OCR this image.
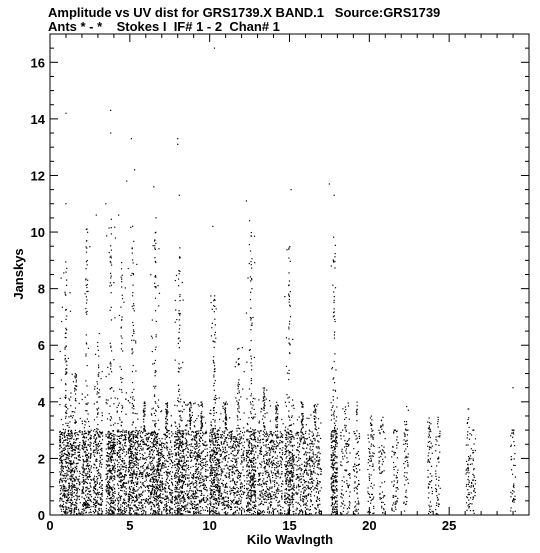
Amplitude vs UV dist for GRS1739.X BAND.1   Source:GRS1739
Ants * - *    Stokes I  IF# 1 - 2  Chan# 1
0	5	10	15	20	25
0
2
4
6
8
10
12
14
16
Kilo Wavlngth
Janskys
